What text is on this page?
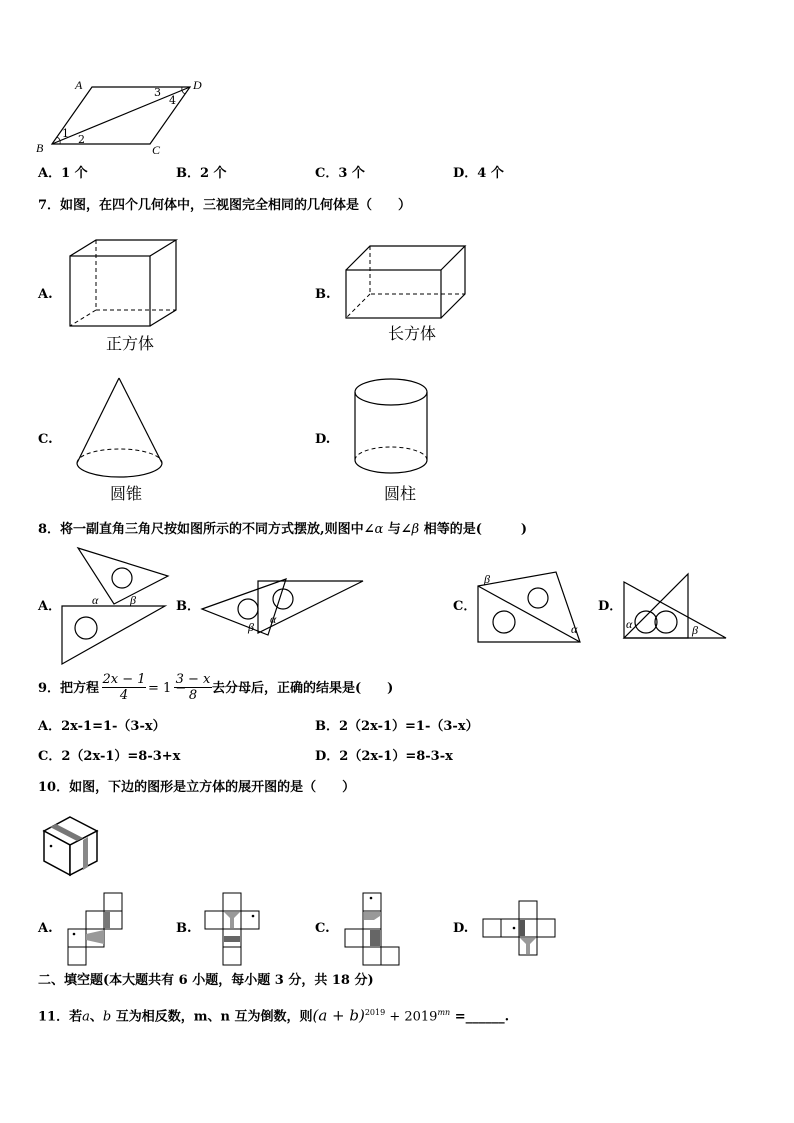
A	D
B	C
1 2
3
4
A．1 个	B．2 个	C．3 个	D．4 个
7．如图，在四个几何体中，三视图完全相同的几何体是（　　）
A.
正方体
B.
长方体
C.
圆锥
D.
圆柱
8．将一副直角三角尺按如图所示的不同方式摆放,则图中∠α 与∠β 相等的是(　　　)
A．	α	β	B．
β
α
C．
β
α
D．
α	β
9．把方程 $\frac{2x - 1}{4} = 1$ −
$\frac{3 - x}{8}$ 去分母后，正确的结果是(　　)
A．2x-1=1-（3-x）	B．2（2x-1）=1-（3-x）
C．2（2x-1）=8-3+x	D．2（2x-1）=8-3-x
10．如图，下边的图形是立方体的展开图的是（　　）
A.	B.	C.	D.
二、填空题(本大题共有 6 小题，每小题 3 分，共 18 分)
11．若a、b 互为相反数，m、n 互为倒数，则$(a + b)^{2019} + 2019^{mn}$ =______.
